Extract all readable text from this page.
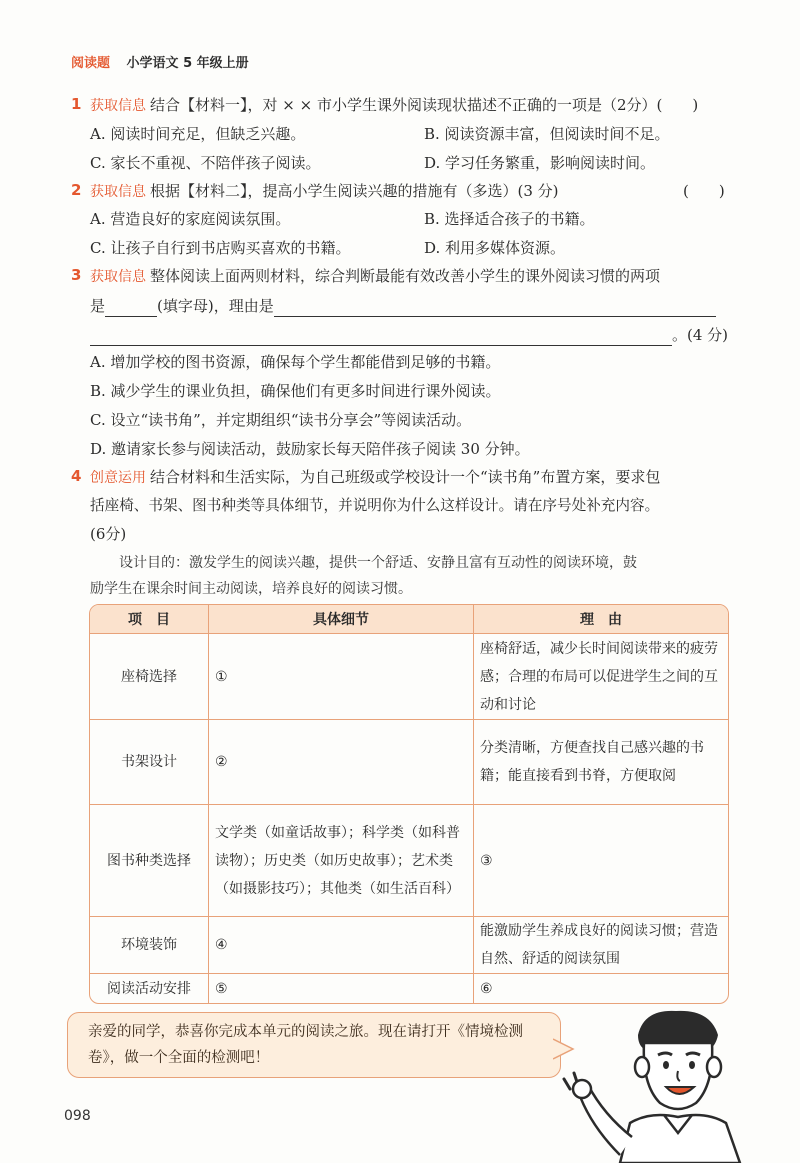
阅读题 小学语文 5 年级上册
1 获取信息 结合【材料一】，对 × × 市小学生课外阅读现状描述不正确的一项是（2分）(　　)
A. 阅读时间充足，但缺乏兴趣。	B. 阅读资源丰富，但阅读时间不足。
C. 家长不重视、不陪伴孩子阅读。	D. 学习任务繁重，影响阅读时间。
2 获取信息 根据【材料二】，提高小学生阅读兴趣的措施有（多选）(3 分)	(　　)
A. 营造良好的家庭阅读氛围。	B. 选择适合孩子的书籍。
C. 让孩子自行到书店购买喜欢的书籍。	D. 利用多媒体资源。
3 获取信息 整体阅读上面两则材料，综合判断最能有效改善小学生的课外阅读习惯的两项
是	(填字母)，理由是
。(4 分)
A. 增加学校的图书资源，确保每个学生都能借到足够的书籍。
B. 减少学生的课业负担，确保他们有更多时间进行课外阅读。
C. 设立“读书角”，并定期组织“读书分享会”等阅读活动。
D. 邀请家长参与阅读活动，鼓励家长每天陪伴孩子阅读 30 分钟。
4 创意运用 结合材料和生活实际，为自己班级或学校设计一个“读书角”布置方案，要求包
括座椅、书架、图书种类等具体细节，并说明你为什么这样设计。请在序号处补充内容。
(6分)
设计目的：激发学生的阅读兴趣，提供一个舒适、安静且富有互动性的阅读环境，鼓
励学生在课余时间主动阅读，培养良好的阅读习惯。
项　目	具体细节	理　由
座椅选择	①	座椅舒适，减少长时间阅读带来的疲劳感；合理的布局可以促进学生之间的互动和讨论
书架设计	②	分类清晰，方便查找自己感兴趣的书籍；能直接看到书脊，方便取阅
图书种类选择	文学类（如童话故事）；科学类（如科普读物）；历史类（如历史故事）；艺术类（如摄影技巧）；其他类（如生活百科）	③
环境装饰	④	能激励学生养成良好的阅读习惯；营造自然、舒适的阅读氛围
阅读活动安排	⑤	⑥
亲爱的同学，恭喜你完成本单元的阅读之旅。现在请打开《情境检测卷》，做一个全面的检测吧！
098
